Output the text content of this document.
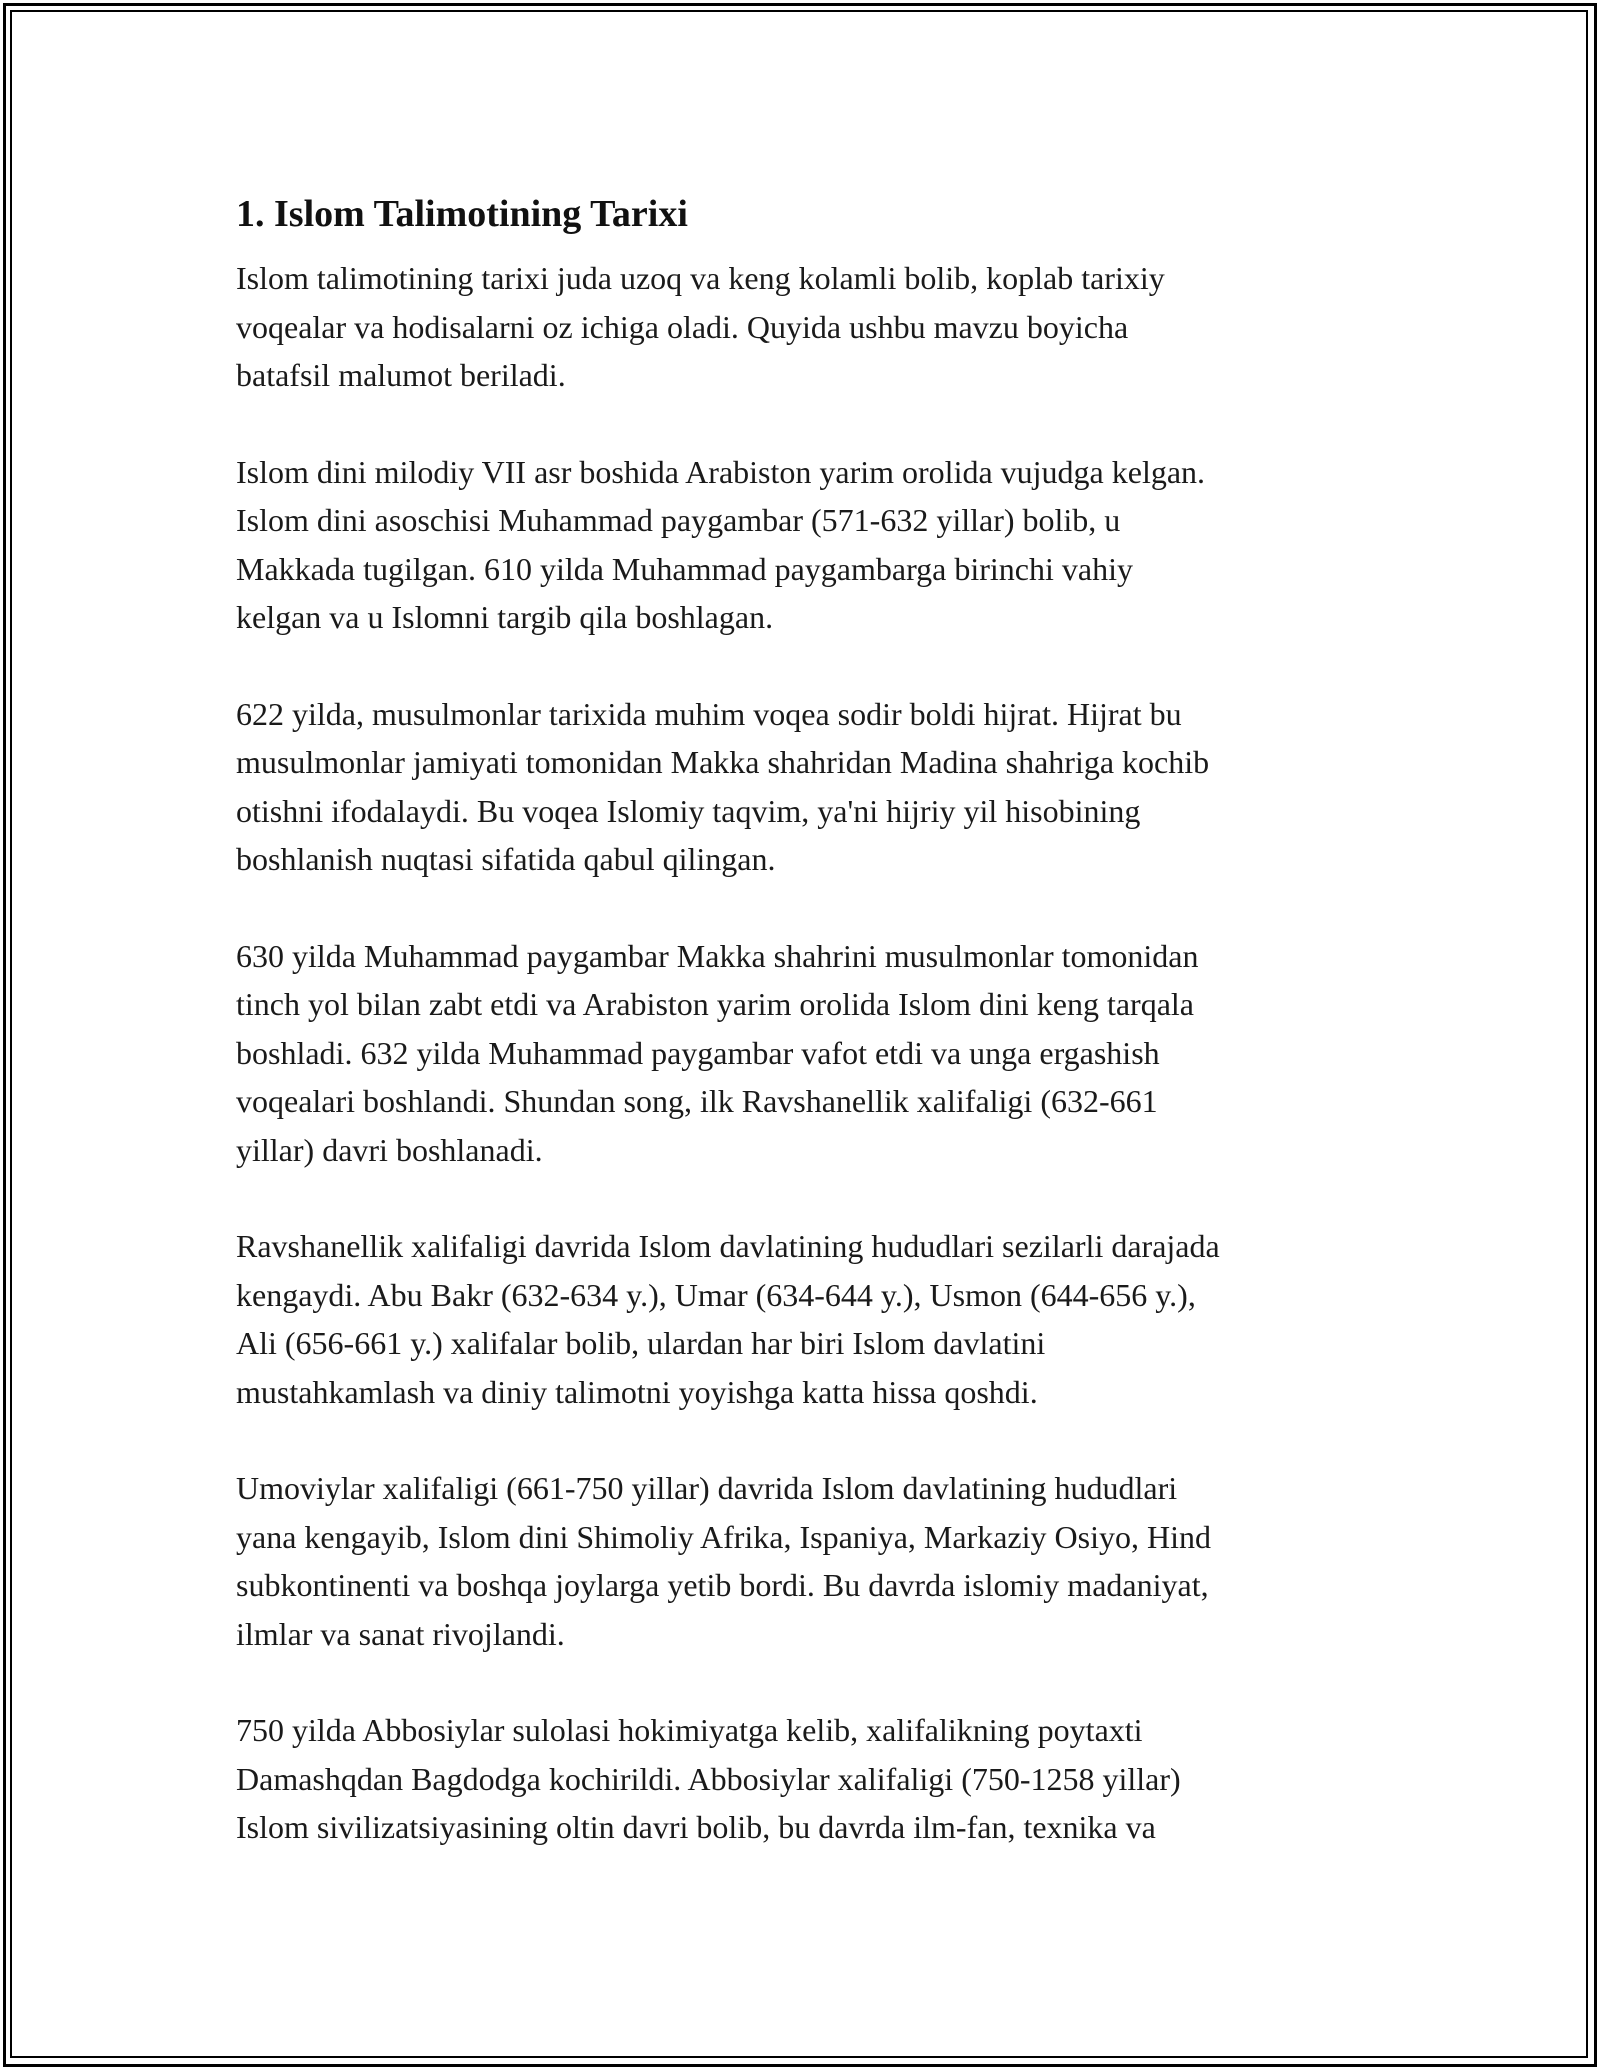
1. Islom Talimotining Tarixi

Islom talimotining tarixi juda uzoq va keng kolamli bolib, koplab tarixiy
voqealar va hodisalarni oz ichiga oladi. Quyida ushbu mavzu boyicha
batafsil malumot beriladi.

Islom dini milodiy VII asr boshida Arabiston yarim orolida vujudga kelgan.
Islom dini asoschisi Muhammad paygambar (571-632 yillar) bolib, u
Makkada tugilgan. 610 yilda Muhammad paygambarga birinchi vahiy
kelgan va u Islomni targib qila boshlagan.

622 yilda, musulmonlar tarixida muhim voqea sodir boldi hijrat. Hijrat bu
musulmonlar jamiyati tomonidan Makka shahridan Madina shahriga kochib
otishni ifodalaydi. Bu voqea Islomiy taqvim, ya'ni hijriy yil hisobining
boshlanish nuqtasi sifatida qabul qilingan.

630 yilda Muhammad paygambar Makka shahrini musulmonlar tomonidan
tinch yol bilan zabt etdi va Arabiston yarim orolida Islom dini keng tarqala
boshladi. 632 yilda Muhammad paygambar vafot etdi va unga ergashish
voqealari boshlandi. Shundan song, ilk Ravshanellik xalifaligi (632-661
yillar) davri boshlanadi.

Ravshanellik xalifaligi davrida Islom davlatining hududlari sezilarli darajada
kengaydi. Abu Bakr (632-634 y.), Umar (634-644 y.), Usmon (644-656 y.),
Ali (656-661 y.) xalifalar bolib, ulardan har biri Islom davlatini
mustahkamlash va diniy talimotni yoyishga katta hissa qoshdi.

Umoviylar xalifaligi (661-750 yillar) davrida Islom davlatining hududlari
yana kengayib, Islom dini Shimoliy Afrika, Ispaniya, Markaziy Osiyo, Hind
subkontinenti va boshqa joylarga yetib bordi. Bu davrda islomiy madaniyat,
ilmlar va sanat rivojlandi.

750 yilda Abbosiylar sulolasi hokimiyatga kelib, xalifalikning poytaxti
Damashqdan Bagdodga kochirildi. Abbosiylar xalifaligi (750-1258 yillar)
Islom sivilizatsiyasining oltin davri bolib, bu davrda ilm-fan, texnika va
